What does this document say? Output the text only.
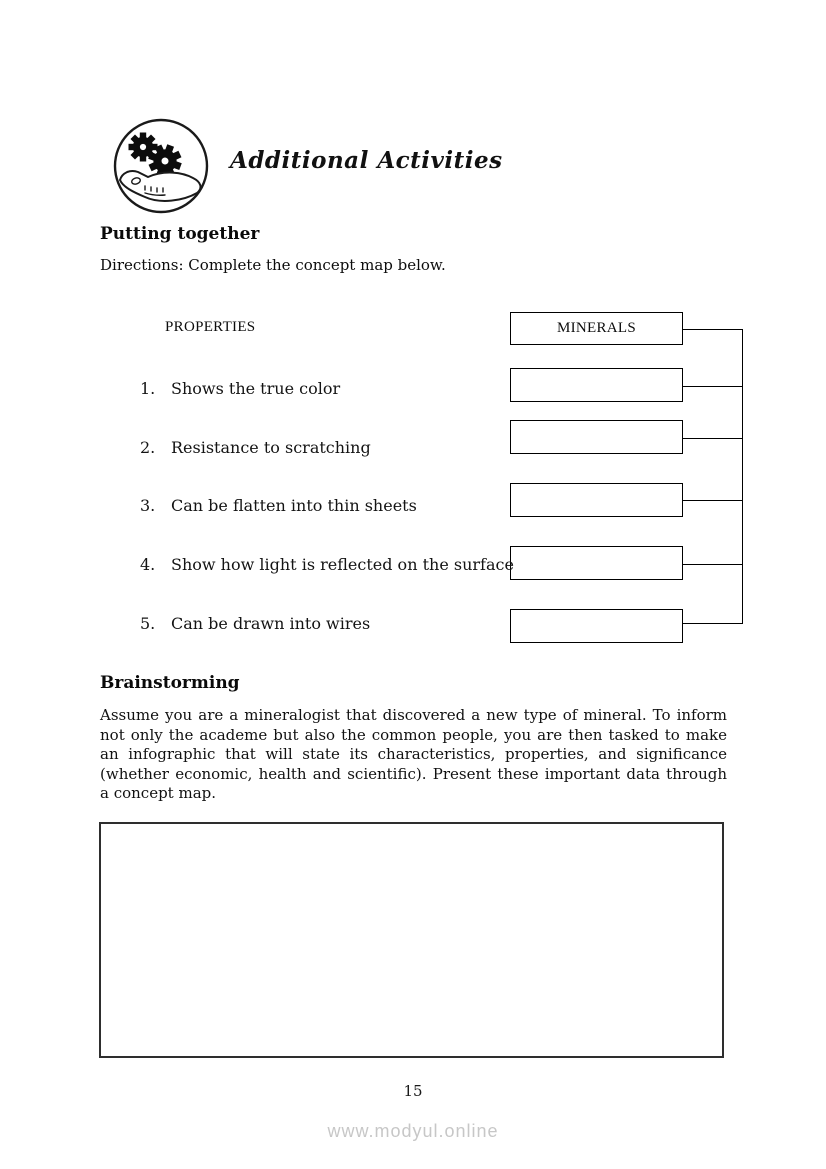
Additional Activities
Putting together
Directions: Complete the concept map below.
PROPERTIES	MINERALS
1. Shows the true color
2. Resistance to scratching
3. Can be flatten into thin sheets
4. Show how light is reflected on the surface
5. Can be drawn into wires
Brainstorming
Assume you are a mineralogist that discovered a new type of mineral. To inform not only the academe but also the common people, you are then tasked to make an infographic that will state its characteristics, properties, and significance (whether economic, health and scientific). Present these important data through a concept map.
15
www.modyul.online
